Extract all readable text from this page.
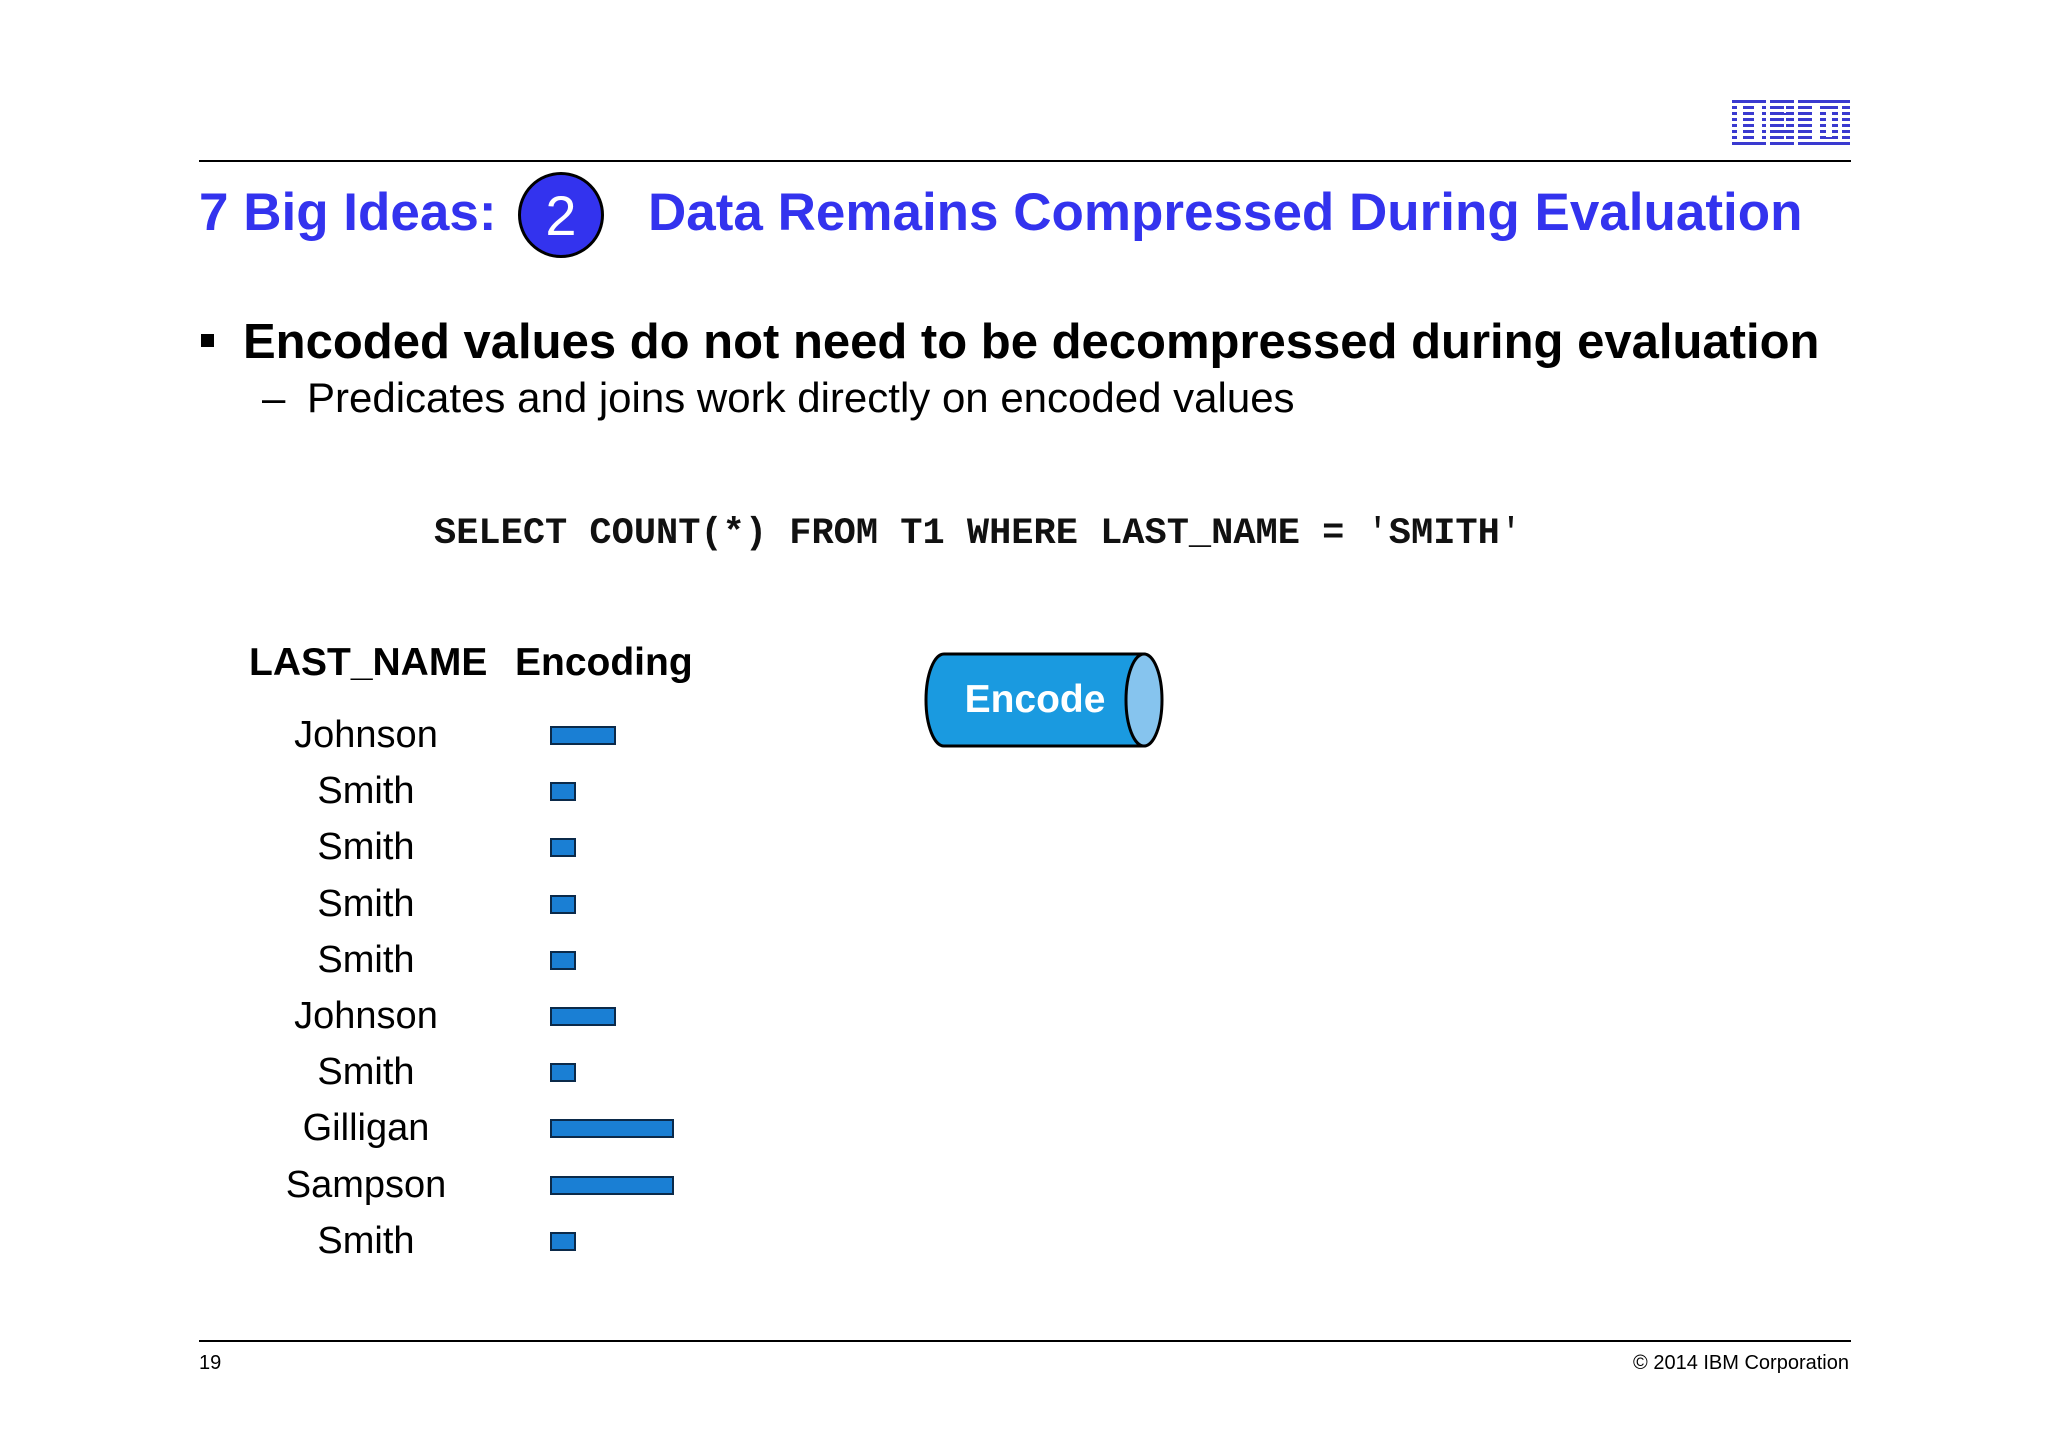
7 Big Ideas: 2	Data Remains Compressed During Evaluation
Encoded values do not need to be decompressed during evaluation
– Predicates and joins work directly on encoded values
SELECT COUNT(*) FROM T1 WHERE LAST_NAME = 'SMITH'
LAST_NAME Encoding
Johnson
Smith
Smith
Smith
Smith
Johnson
Smith
Gilligan
Sampson
Smith
Encode
19	© 2014 IBM Corporation
